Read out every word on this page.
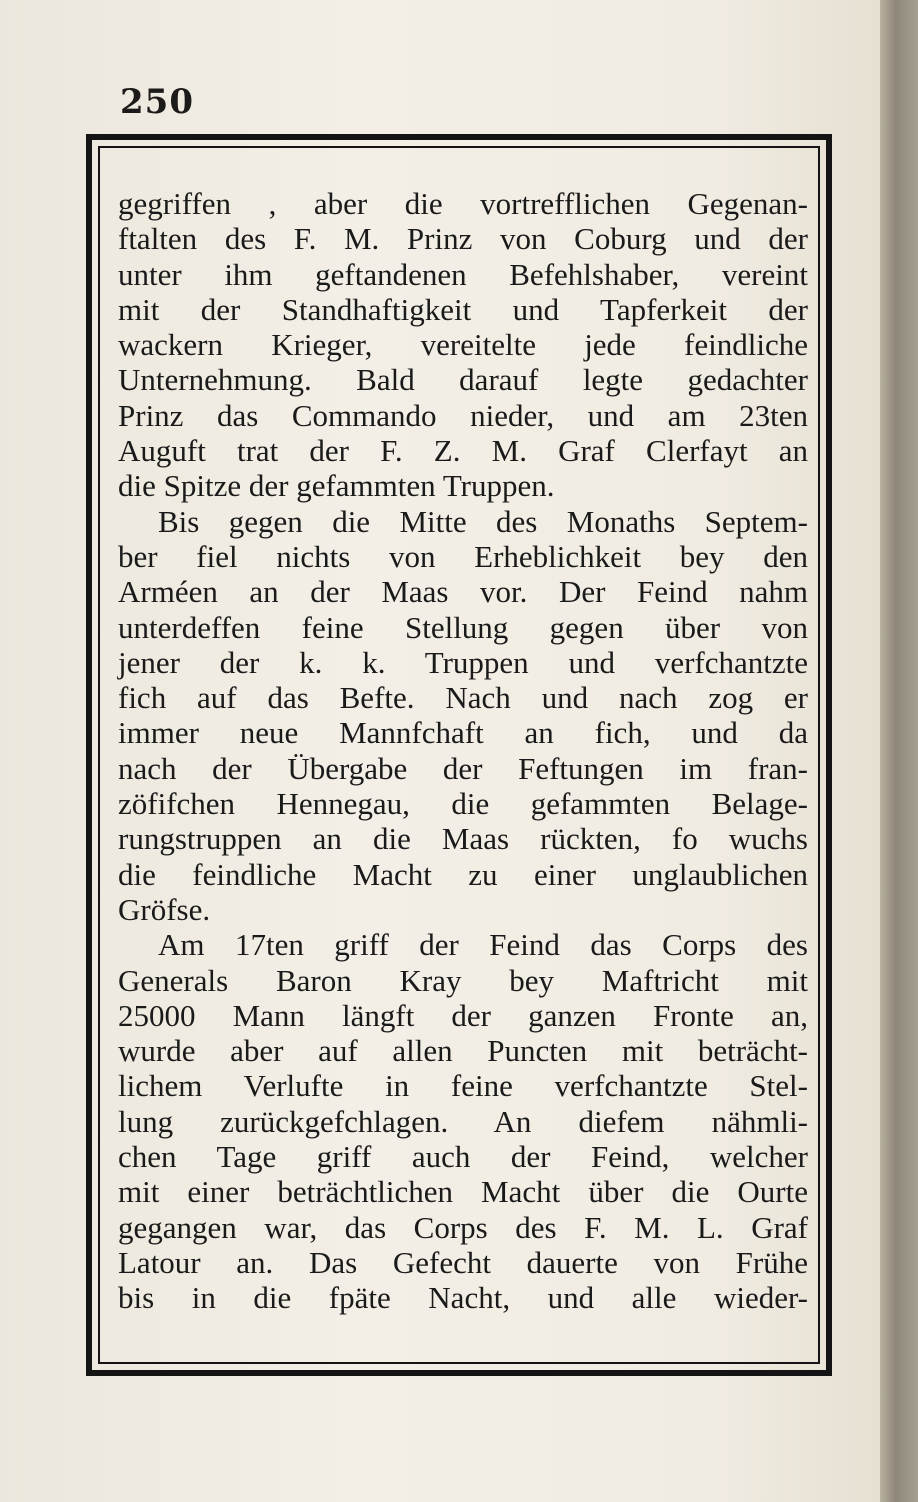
250
gegriffen , aber die vortrefflichen Gegenan-
ftalten des F. M. Prinz von Coburg und der
unter ihm geftandenen Befehlshaber, vereint
mit der Standhaftigkeit und Tapferkeit der
wackern Krieger, vereitelte jede feindliche
Unternehmung. Bald darauf legte gedachter
Prinz das Commando nieder, und am 23ten
Auguft trat der F. Z. M. Graf Clerfayt an
die Spitze der gefammten Truppen.
Bis gegen die Mitte des Monaths Septem-
ber fiel nichts von Erheblichkeit bey den
Arméen an der Maas vor. Der Feind nahm
unterdeffen feine Stellung gegen über von
jener der k. k. Truppen und verfchantzte
fich auf das Befte. Nach und nach zog er
immer neue Mannfchaft an fich, und da
nach der Übergabe der Feftungen im fran-
zöfifchen Hennegau, die gefammten Belage-
rungstruppen an die Maas rückten, fo wuchs
die feindliche Macht zu einer unglaublichen
Gröfse.
Am 17ten griff der Feind das Corps des
Generals Baron Kray bey Maftricht mit
25000 Mann längft der ganzen Fronte an,
wurde aber auf allen Puncten mit beträcht-
lichem Verlufte in feine verfchantzte Stel-
lung zurückgefchlagen. An diefem nähmli-
chen Tage griff auch der Feind, welcher
mit einer beträchtlichen Macht über die Ourte
gegangen war, das Corps des F. M. L. Graf
Latour an. Das Gefecht dauerte von Frühe
bis in die fpäte Nacht, und alle wieder-
